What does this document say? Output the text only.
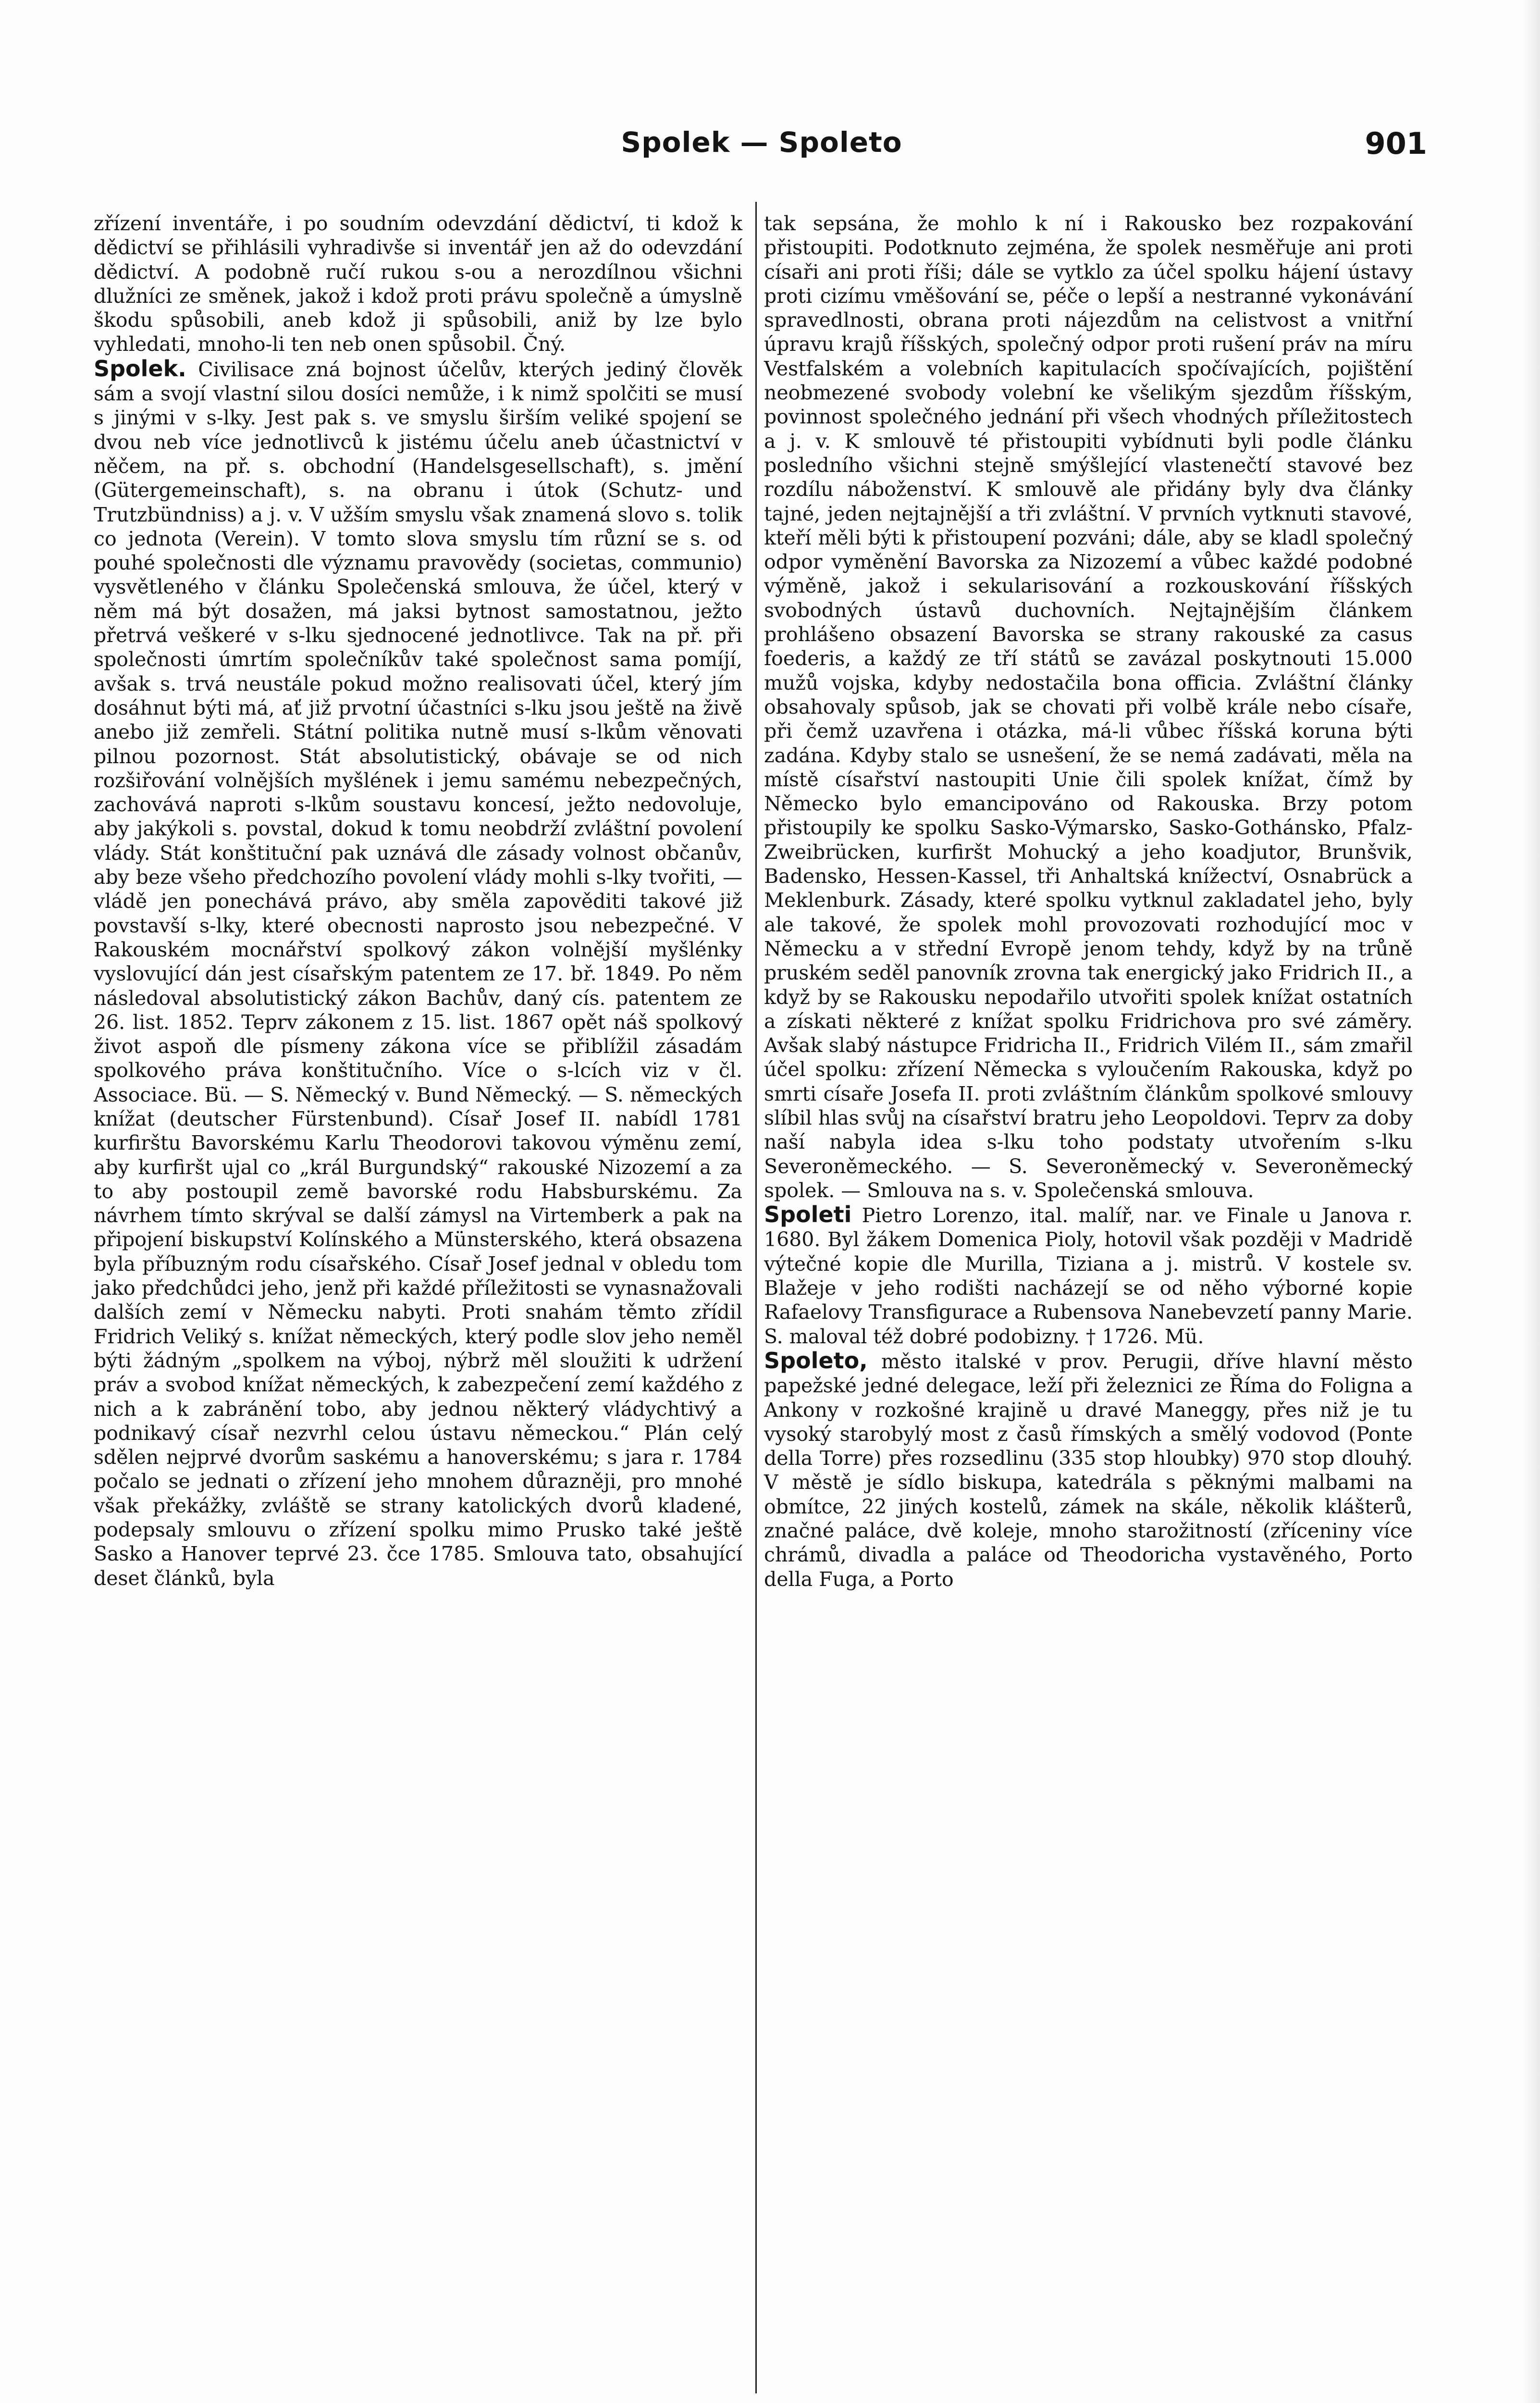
Spolek — Spoleto	901

zřízení inventáře, i po soudním odevzdání dědictví, ti kdož k dědictví se přihlásili vyhradivše si inventář jen až do odevzdání dědictví. A podobně ručí rukou s-ou a nerozdílnou všichni dlužníci ze směnek, jakož i kdož proti právu společně a úmyslně škodu spůsobili, aneb kdož ji spůsobili, aniž by lze bylo vyhledati, mnoho-li ten neb onen spůsobil. Čný.

Spolek. Civilisace zná bojnost účelův, kterých jediný člověk sám a svojí vlastní silou dosíci nemůže, i k nimž spolčiti se musí s jinými v s-lky. Jest pak s. ve smyslu širším veliké spojení se dvou neb více jednotlivců k jistému účelu aneb účastnictví v něčem, na př. s. obchodní (Handelsgesellschaft), s. jmění (Gütergemeinschaft), s. na obranu i útok (Schutz- und Trutzbündniss) a j. v. V užším smyslu však znamená slovo s. tolik co jednota (Verein). V tomto slova smyslu tím různí se s. od pouhé společnosti dle významu pravovědy (societas, communio) vysvětleného v článku Společenská smlouva, že účel, který v něm má být dosažen, má jaksi bytnost samostatnou, ježto přetrvá veškeré v s-lku sjednocené jednotlivce. Tak na př. při společnosti úmrtím společníkův také společnost sama pomíjí, avšak s. trvá neustále pokud možno realisovati účel, který jím dosáhnut býti má, ať již prvotní účastníci s-lku jsou ještě na živě anebo již zemřeli. Státní politika nutně musí s-lkům věnovati pilnou pozornost. Stát absolutistický, obávaje se od nich rozšiřování volnějších myšlének i jemu samému nebezpečných, zachovává naproti s-lkům soustavu koncesí, ježto nedovoluje, aby jakýkoli s. povstal, dokud k tomu neobdrží zvláštní povolení vlády. Stát konštituční pak uznává dle zásady volnost občanův, aby beze všeho předchozího povolení vlády mohli s-lky tvořiti, — vládě jen ponechává právo, aby směla zapověditi takové již povstavší s-lky, které obecnosti naprosto jsou nebezpečné. V Rakouském mocnářství spolkový zákon volnější myšlénky vyslovující dán jest císařským patentem ze 17. bř. 1849. Po něm následoval absolutistický zákon Bachův, daný cís. patentem ze 26. list. 1852. Teprv zákonem z 15. list. 1867 opět náš spolkový život aspoň dle písmeny zákona více se přiblížil zásadám spolkového práva konštitučního. Více o s-lcích viz v čl. Associace. Bü. — S. Německý v. Bund Německý. — S. německých knížat (deutscher Fürstenbund). Císař Josef II. nabídl 1781 kurfirštu Bavorskému Karlu Theodorovi takovou výměnu zemí, aby kurfiršt ujal co „král Burgundský“ rakouské Nizozemí a za to aby postoupil země bavorské rodu Habsburskému. Za návrhem tímto skrýval se další zámysl na Virtemberk a pak na připojení biskupství Kolínského a Münsterského, která obsazena byla příbuzným rodu císařského. Císař Josef jednal v obledu tom jako předchůdci jeho, jenž při každé příležitosti se vynasnažovali dalších zemí v Německu nabyti. Proti snahám těmto zřídil Fridrich Veliký s. knížat německých, který podle slov jeho neměl býti žádným „spolkem na výboj, nýbrž měl sloužiti k udržení práv a svobod knížat německých, k zabezpečení zemí každého z nich a k zabránění tobo, aby jednou některý vládychtivý a podnikavý císař nezvrhl celou ústavu německou.“ Plán celý sdělen nejprvé dvorům saskému a hanoverskému; s jara r. 1784 počalo se jednati o zřízení jeho mnohem důrazněji, pro mnohé však překážky, zvláště se strany katolických dvorů kladené, podepsaly smlouvu o zřízení spolku mimo Prusko také ještě Sasko a Hanover teprvé 23. čce 1785. Smlouva tato, obsahující deset článků, byla

tak sepsána, že mohlo k ní i Rakousko bez rozpakování přistoupiti. Podotknuto zejména, že spolek nesměřuje ani proti císaři ani proti říši; dále se vytklo za účel spolku hájení ústavy proti cizímu vměšování se, péče o lepší a nestranné vykonávání spravedlnosti, obrana proti nájezdům na celistvost a vnitřní úpravu krajů říšských, společný odpor proti rušení práv na míru Vestfalském a volebních kapitulacích spočívajících, pojištění neobmezené svobody volební ke všelikým sjezdům říšským, povinnost společného jednání při všech vhodných příležitostech a j. v. K smlouvě té přistoupiti vybídnuti byli podle článku posledního všichni stejně smýšlející vlastenečtí stavové bez rozdílu náboženství. K smlouvě ale přidány byly dva články tajné, jeden nejtajnější a tři zvláštní. V prvních vytknuti stavové, kteří měli býti k přistoupení pozváni; dále, aby se kladl společný odpor vyměnění Bavorska za Nizozemí a vůbec každé podobné výměně, jakož i sekularisování a rozkouskování říšských svobodných ústavů duchovních. Nejtajnějším článkem prohlášeno obsazení Bavorska se strany rakouské za casus foederis, a každý ze tří států se zavázal poskytnouti 15.000 mužů vojska, kdyby nedostačila bona officia. Zvláštní články obsahovaly spůsob, jak se chovati při volbě krále nebo císaře, při čemž uzavřena i otázka, má-li vůbec říšská koruna býti zadána. Kdyby stalo se usnešení, že se nemá zadávati, měla na místě císařství nastoupiti Unie čili spolek knížat, čímž by Německo bylo emancipováno od Rakouska. Brzy potom přistoupily ke spolku Sasko-Výmarsko, Sasko-Gothánsko, Pfalz-Zweibrücken, kurfiršt Mohucký a jeho koadjutor, Brunšvik, Badensko, Hessen-Kassel, tři Anhaltská knížectví, Osnabrück a Meklenburk. Zásady, které spolku vytknul zakladatel jeho, byly ale takové, že spolek mohl provozovati rozhodující moc v Německu a v střední Evropě jenom tehdy, když by na trůně pruském seděl panovník zrovna tak energický jako Fridrich II., a když by se Rakousku nepodařilo utvořiti spolek knížat ostatních a získati některé z knížat spolku Fridrichova pro své záměry. Avšak slabý nástupce Fridricha II., Fridrich Vilém II., sám zmařil účel spolku: zřízení Německa s vyloučením Rakouska, když po smrti císaře Josefa II. proti zvláštním článkům spolkové smlouvy slíbil hlas svůj na císařství bratru jeho Leopoldovi. Teprv za doby naší nabyla idea s-lku toho podstaty utvořením s-lku Severoněmeckého. — S. Severoněmecký v. Severoněmecký spolek. — Smlouva na s. v. Společenská smlouva.

Spoleti Pietro Lorenzo, ital. malíř, nar. ve Finale u Janova r. 1680. Byl žákem Domenica Pioly, hotovil však později v Madridě výtečné kopie dle Murilla, Tiziana a j. mistrů. V kostele sv. Blažeje v jeho rodišti nacházejí se od něho výborné kopie Rafaelovy Transfigurace a Rubensova Nanebevzetí panny Marie. S. maloval též dobré podobizny. † 1726. Mü.

Spoleto, město italské v prov. Perugii, dříve hlavní město papežské jedné delegace, leží při železnici ze Říma do Foligna a Ankony v rozkošné krajině u dravé Maneggy, přes niž je tu vysoký starobylý most z časů římských a smělý vodovod (Ponte della Torre) přes rozsedlinu (335 stop hloubky) 970 stop dlouhý. V městě je sídlo biskupa, katedrála s pěknými malbami na obmítce, 22 jiných kostelů, zámek na skále, několik klášterů, značné paláce, dvě koleje, mnoho starožitností (zříceniny více chrámů, divadla a paláce od Theodoricha vystavěného, Porto della Fuga, a Porto
